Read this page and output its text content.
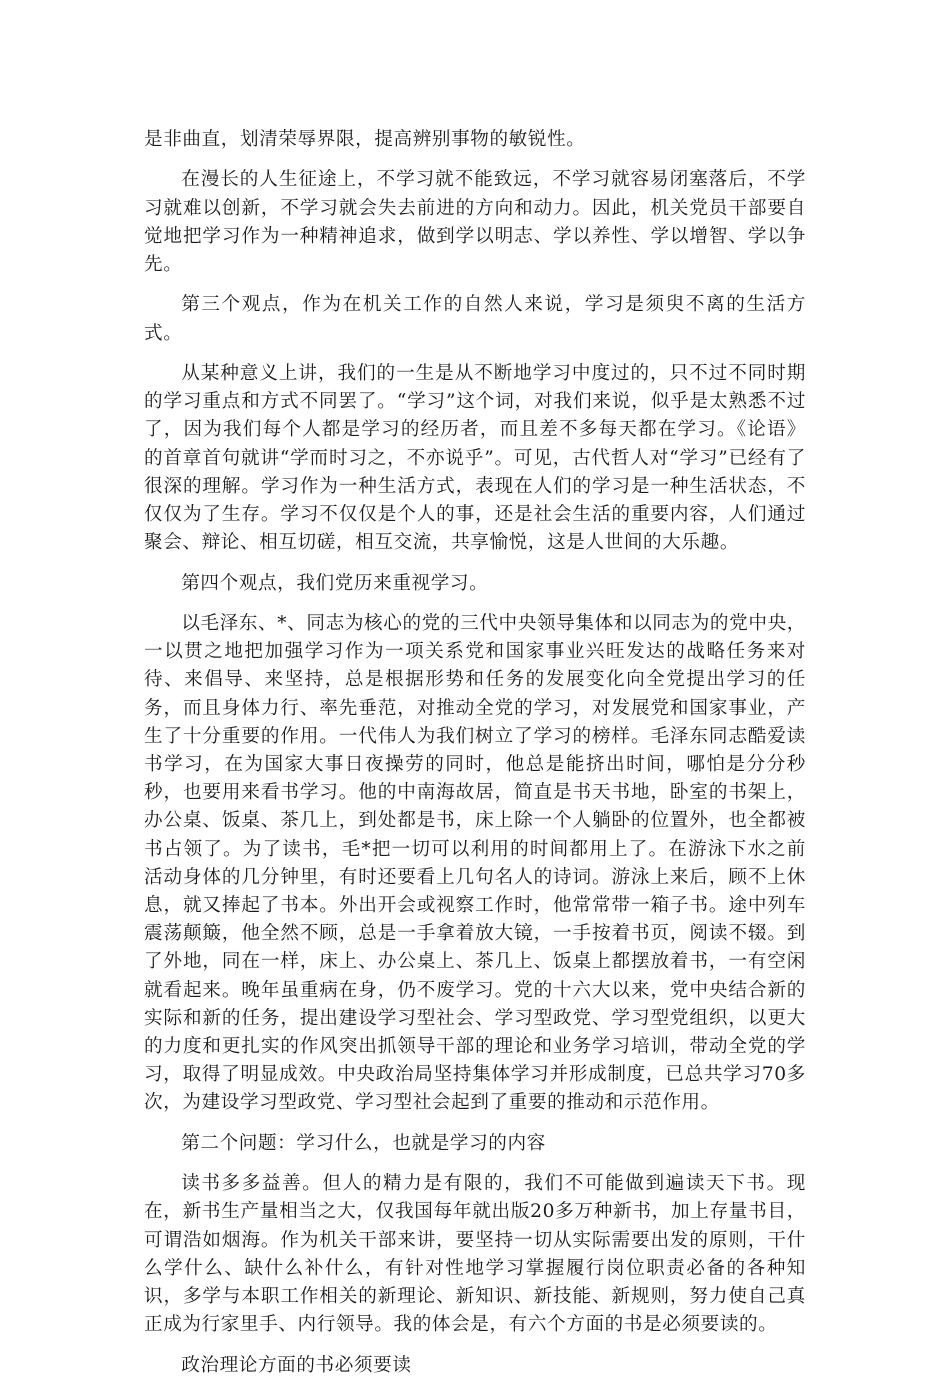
是非曲直，划清荣辱界限，提高辨别事物的敏锐性。

在漫长的人生征途上，不学习就不能致远，不学习就容易闭塞落后，不学习就难以创新，不学习就会失去前进的方向和动力。因此，机关党员干部要自觉地把学习作为一种精神追求，做到学以明志、学以养性、学以增智、学以争先。

第三个观点，作为在机关工作的自然人来说，学习是须臾不离的生活方式。

从某种意义上讲，我们的一生是从不断地学习中度过的，只不过不同时期的学习重点和方式不同罢了。“学习”这个词，对我们来说，似乎是太熟悉不过了，因为我们每个人都是学习的经历者，而且差不多每天都在学习。《论语》的首章首句就讲“学而时习之，不亦说乎”。可见，古代哲人对“学习”已经有了很深的理解。学习作为一种生活方式，表现在人们的学习是一种生活状态，不仅仅为了生存。学习不仅仅是个人的事，还是社会生活的重要内容，人们通过聚会、辩论、相互切磋，相互交流，共享愉悦，这是人世间的大乐趣。

第四个观点，我们党历来重视学习。

以毛泽东、*、同志为核心的党的三代中央领导集体和以同志为的党中央，一以贯之地把加强学习作为一项关系党和国家事业兴旺发达的战略任务来对待、来倡导、来坚持，总是根据形势和任务的发展变化向全党提出学习的任务，而且身体力行、率先垂范，对推动全党的学习，对发展党和国家事业，产生了十分重要的作用。一代伟人为我们树立了学习的榜样。毛泽东同志酷爱读书学习，在为国家大事日夜操劳的同时，他总是能挤出时间，哪怕是分分秒秒，也要用来看书学习。他的中南海故居，简直是书天书地，卧室的书架上，办公桌、饭桌、茶几上，到处都是书，床上除一个人躺卧的位置外，也全都被书占领了。为了读书，毛*把一切可以利用的时间都用上了。在游泳下水之前活动身体的几分钟里，有时还要看上几句名人的诗词。游泳上来后，顾不上休息，就又捧起了书本。外出开会或视察工作时，他常常带一箱子书。途中列车震荡颠簸，他全然不顾，总是一手拿着放大镜，一手按着书页，阅读不辍。到了外地，同在一样，床上、办公桌上、茶几上、饭桌上都摆放着书，一有空闲就看起来。晚年虽重病在身，仍不废学习。党的十六大以来，党中央结合新的实际和新的任务，提出建设学习型社会、学习型政党、学习型党组织，以更大的力度和更扎实的作风突出抓领导干部的理论和业务学习培训，带动全党的学习，取得了明显成效。中央政治局坚持集体学习并形成制度，已总共学习70多次，为建设学习型政党、学习型社会起到了重要的推动和示范作用。

第二个问题：学习什么，也就是学习的内容

读书多多益善。但人的精力是有限的，我们不可能做到遍读天下书。现在，新书生产量相当之大，仅我国每年就出版20多万种新书，加上存量书目，可谓浩如烟海。作为机关干部来讲，要坚持一切从实际需要出发的原则，干什么学什么、缺什么补什么，有针对性地学习掌握履行岗位职责必备的各种知识，多学与本职工作相关的新理论、新知识、新技能、新规则，努力使自己真正成为行家里手、内行领导。我的体会是，有六个方面的书是必须要读的。

政治理论方面的书必须要读
